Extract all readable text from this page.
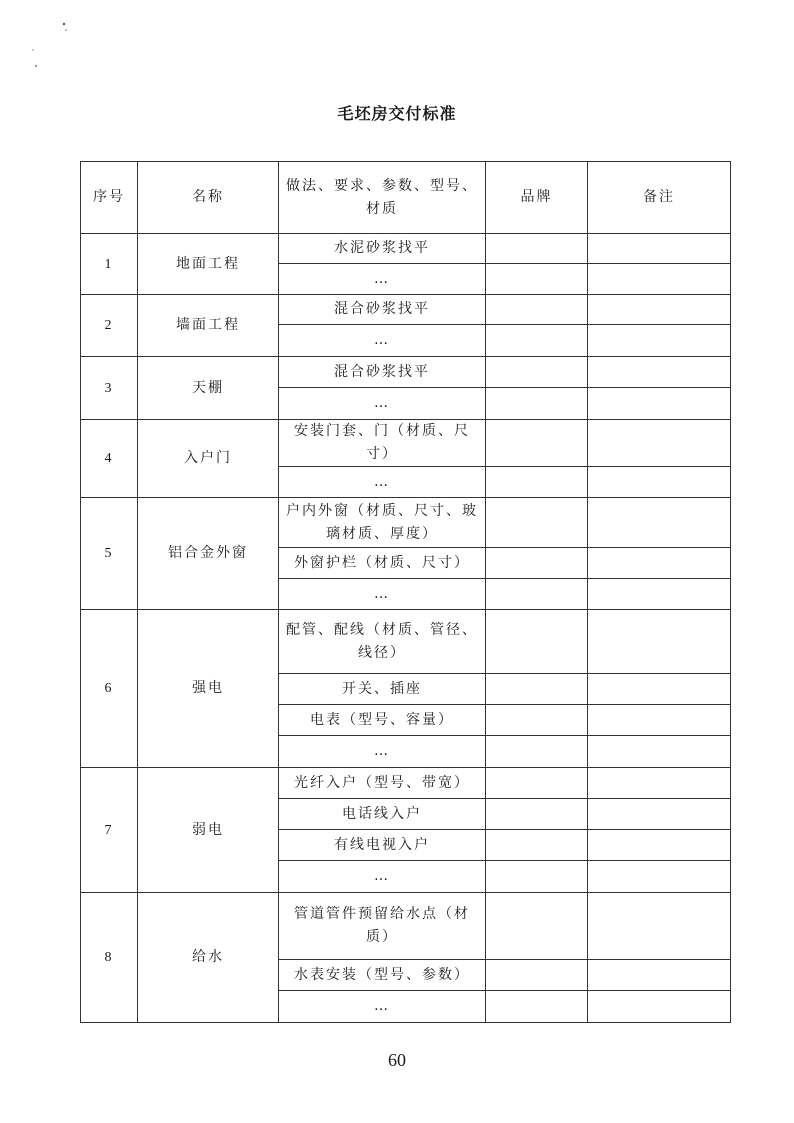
毛坯房交付标准
序号	名称	做法、要求、参数、型号、材质	品牌	备注
1	地面工程	水泥砂浆找平		
		…		
2	墙面工程	混合砂浆找平		
		…		
3	天棚	混合砂浆找平		
		…		
4	入户门	安装门套、门（材质、尺寸）		
		…		
5	铝合金外窗	户内外窗（材质、尺寸、玻璃材质、厚度）		
		外窗护栏（材质、尺寸）		
		…		
6	强电	配管、配线（材质、管径、线径）		
		开关、插座		
		电表（型号、容量）		
		…		
7	弱电	光纤入户（型号、带宽）		
		电话线入户		
		有线电视入户		
		…		
8	给水	管道管件预留给水点（材质）		
		水表安装（型号、参数）		
		…		
60
